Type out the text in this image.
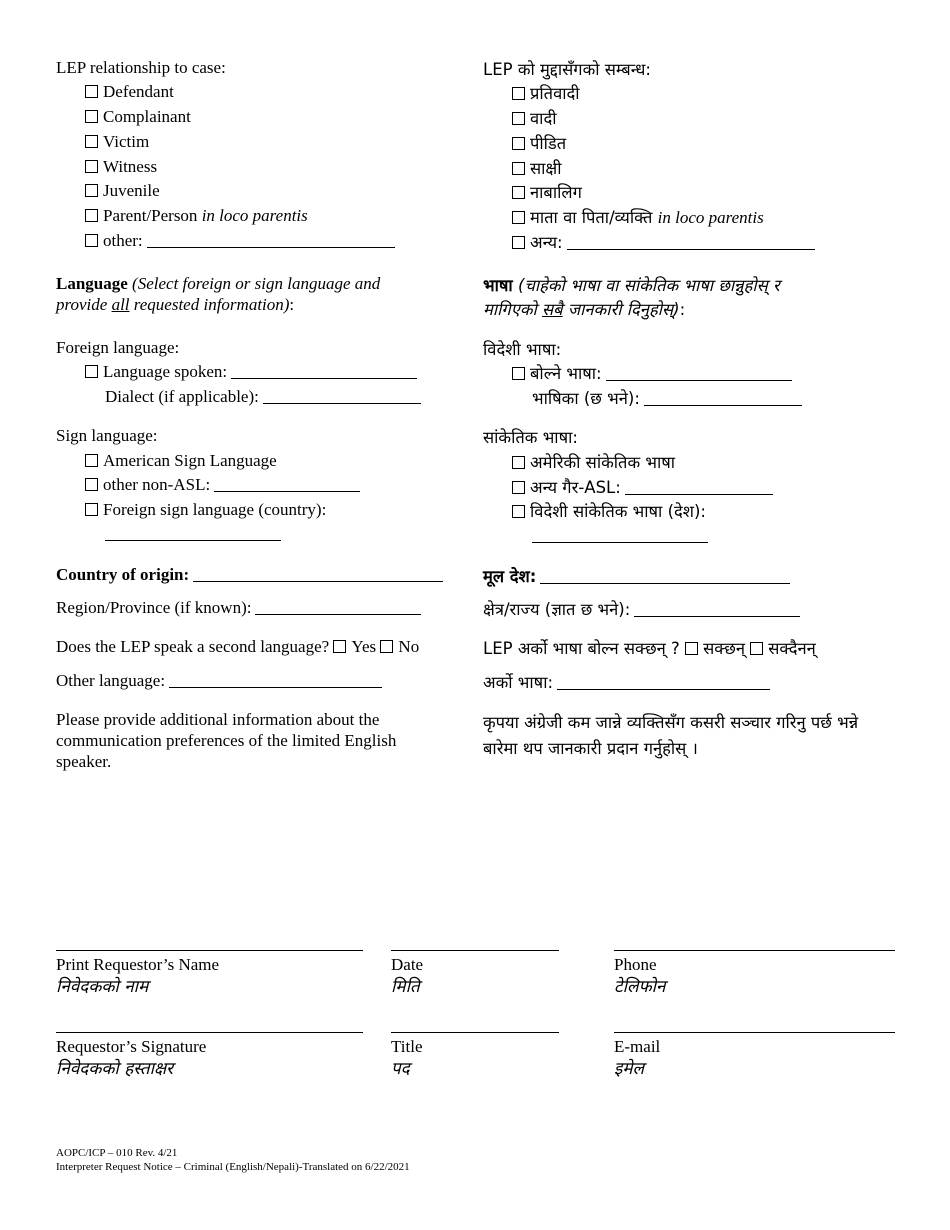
LEP relationship to case:
Defendant
Complainant
Victim
Witness
Juvenile
Parent/Person in loco parentis
other:
Language (Select foreign or sign language and
provide all requested information):
Foreign language:
Language spoken:
Dialect (if applicable):
Sign language:
American Sign Language
other non-ASL:
Foreign sign language (country):
Country of origin:
Region/Province (if known):
Does the LEP speak a second language? Yes No
Other language:
Please provide additional information about the communication preferences of the limited English speaker.
LEP को मुद्दासँगको सम्बन्ध:
प्रतिवादी
वादी
पीडित
साक्षी
नाबालिग
माता वा पिता/व्यक्ति in loco parentis
अन्य:
भाषा (चाहेको भाषा वा सांकेतिक भाषा छान्नुहोस् र
मागिएको सबै जानकारी दिनुहोस्):
विदेशी भाषा:
बोल्ने भाषा:
भाषिका (छ भने):
सांकेतिक भाषा:
अमेरिकी सांकेतिक भाषा
अन्य गैर-ASL:
विदेशी सांकेतिक भाषा (देश):
मूल देश:
क्षेत्र/राज्य (ज्ञात छ भने):
LEP अर्को भाषा बोल्न सक्छन् ? सक्छन् सक्दैनन्
अर्को भाषा:
कृपया अंग्रेजी कम जान्ने व्यक्तिसँग कसरी सञ्चार गरिनु पर्छ भन्ने बारेमा थप जानकारी प्रदान गर्नुहोस् ।
Print Requestor’s Name
निवेदकको नाम
Date
मिति
Phone
टेलिफोन
Requestor’s Signature
निवेदकको हस्ताक्षर
Title
पद
E-mail
इमेल
AOPC/ICP – 010 Rev. 4/21
Interpreter Request Notice – Criminal (English/Nepali)-Translated on 6/22/2021
